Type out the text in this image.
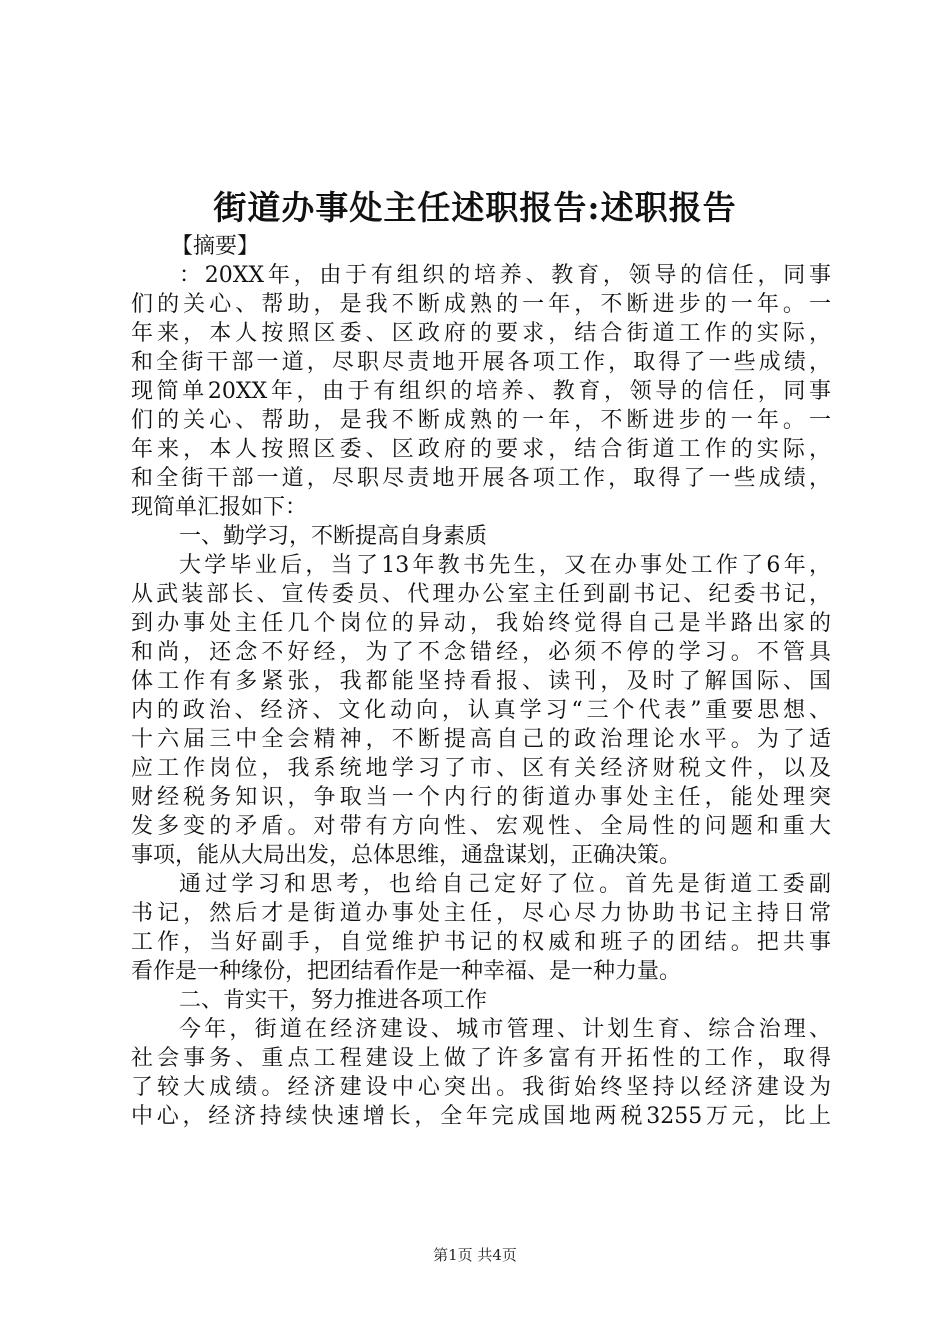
街道办事处主任述职报告:述职报告
【摘要】
：20XX年，由于有组织的培养、教育，领导的信任，同事
们的关心、帮助，是我不断成熟的一年，不断进步的一年。一
年来，本人按照区委、区政府的要求，结合街道工作的实际，
和全街干部一道，尽职尽责地开展各项工作，取得了一些成绩，
现简单20XX年，由于有组织的培养、教育，领导的信任，同事
们的关心、帮助，是我不断成熟的一年，不断进步的一年。一
年来，本人按照区委、区政府的要求，结合街道工作的实际，
和全街干部一道，尽职尽责地开展各项工作，取得了一些成绩，
现简单汇报如下：
一、勤学习，不断提高自身素质
大学毕业后，当了13年教书先生，又在办事处工作了6年，
从武装部长、宣传委员、代理办公室主任到副书记、纪委书记，
到办事处主任几个岗位的异动，我始终觉得自己是半路出家的
和尚，还念不好经，为了不念错经，必须不停的学习。不管具
体工作有多紧张，我都能坚持看报、读刊，及时了解国际、国
内的政治、经济、文化动向，认真学习“三个代表”重要思想、
十六届三中全会精神，不断提高自己的政治理论水平。为了适
应工作岗位，我系统地学习了市、区有关经济财税文件，以及
财经税务知识，争取当一个内行的街道办事处主任，能处理突
发多变的矛盾。对带有方向性、宏观性、全局性的问题和重大
事项，能从大局出发，总体思维，通盘谋划，正确决策。
通过学习和思考，也给自己定好了位。首先是街道工委副
书记，然后才是街道办事处主任，尽心尽力协助书记主持日常
工作，当好副手，自觉维护书记的权威和班子的团结。把共事
看作是一种缘份，把团结看作是一种幸福、是一种力量。
二、肯实干，努力推进各项工作
今年，街道在经济建设、城市管理、计划生育、综合治理、
社会事务、重点工程建设上做了许多富有开拓性的工作，取得
了较大成绩。经济建设中心突出。我街始终坚持以经济建设为
中心，经济持续快速增长，全年完成国地两税3255万元，比上
第1页 共4页
